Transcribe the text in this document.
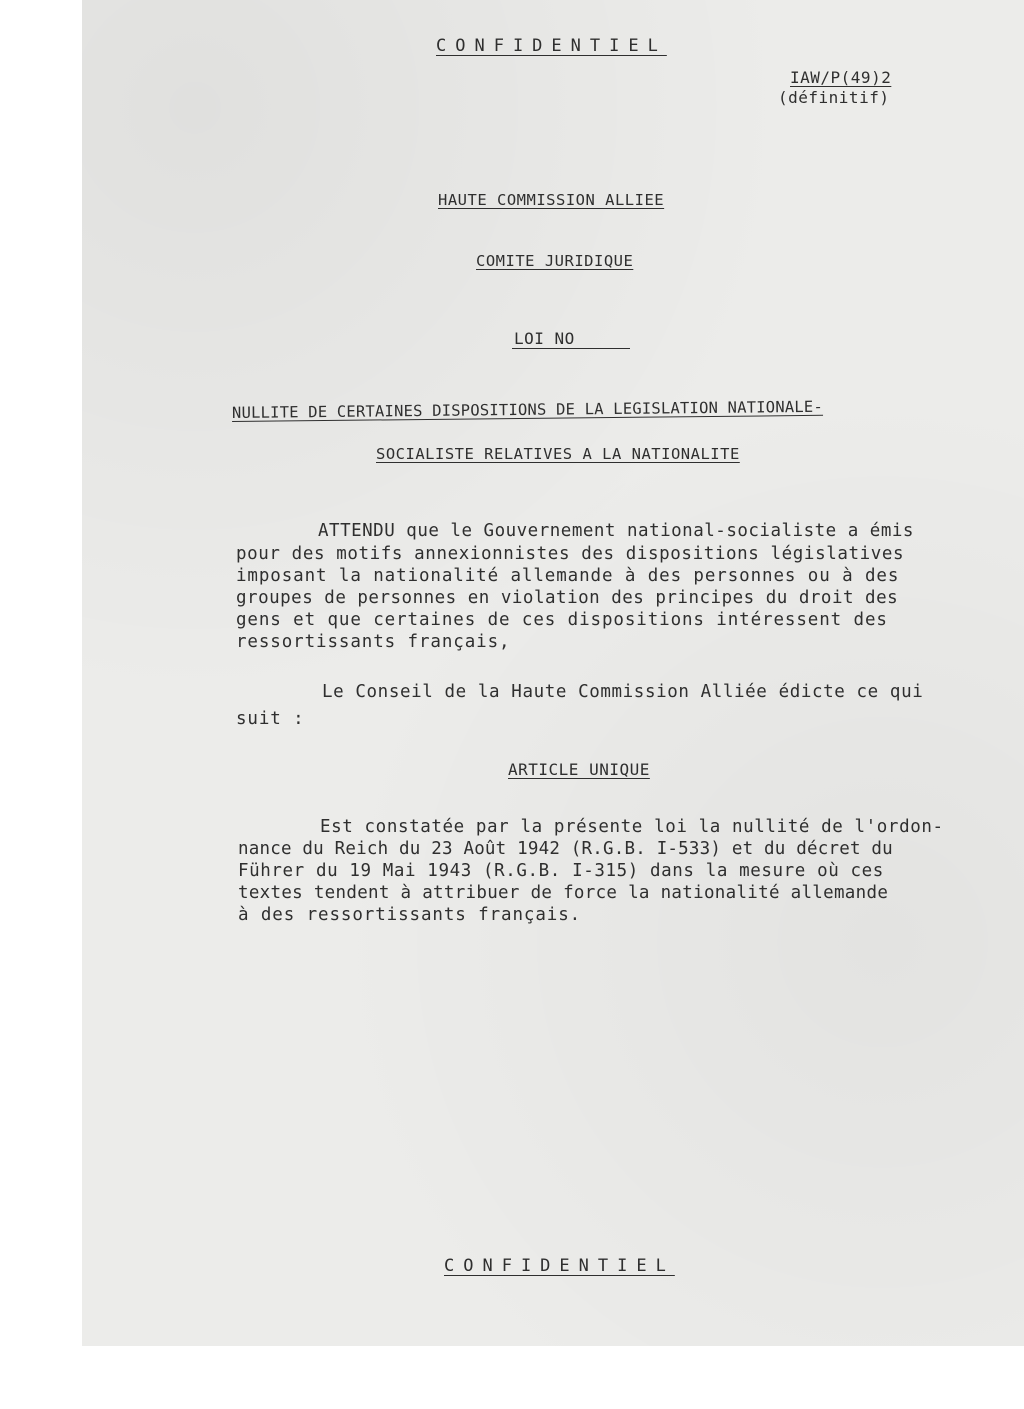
CONFIDENTIEL
IAW/P(49)2
(définitif)
HAUTE COMMISSION ALLIEE
COMITE JURIDIQUE
LOI NO
NULLITE DE CERTAINES DISPOSITIONS DE LA LEGISLATION NATIONALE-
SOCIALISTE RELATIVES A LA NATIONALITE
ATTENDU que le Gouvernement national-socialiste a émis
pour des motifs annexionnistes des dispositions législatives
imposant la nationalité allemande à des personnes ou à des
groupes de personnes en violation des principes du droit des
gens et que certaines de ces dispositions intéressent des
ressortissants français,
Le Conseil de la Haute Commission Alliée édicte ce qui
suit :
ARTICLE UNIQUE
Est constatée par la présente loi la nullité de l'ordon-
nance du Reich du 23 Août 1942 (R.G.B. I-533) et du décret du
Führer du 19 Mai 1943 (R.G.B. I-315) dans la mesure où ces
textes tendent à attribuer de force la nationalité allemande
à des ressortissants français.
CONFIDENTIEL
